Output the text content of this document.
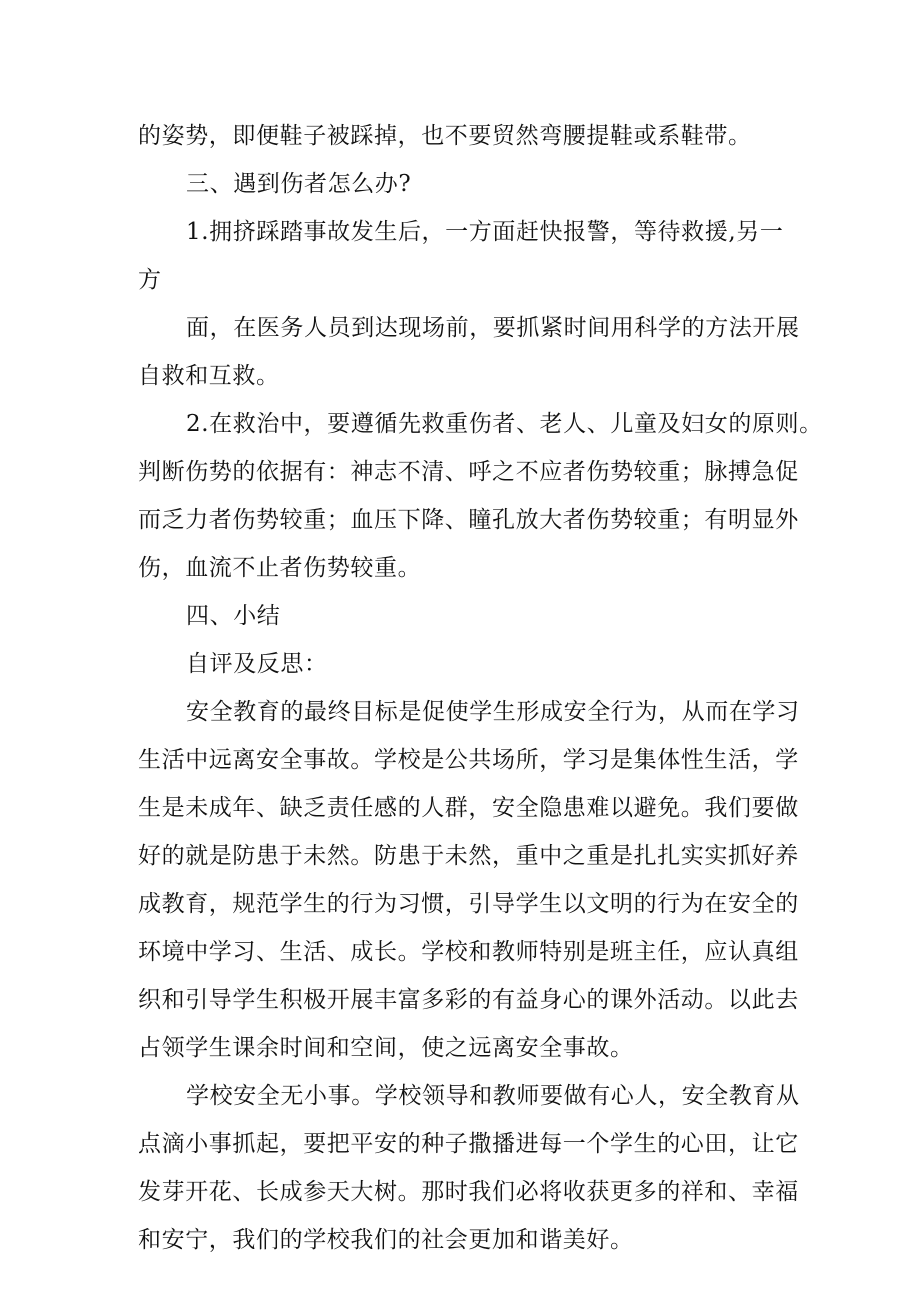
的姿势，即便鞋子被踩掉，也不要贸然弯腰提鞋或系鞋带。
三、遇到伤者怎么办?
1.拥挤踩踏事故发生后，一方面赶快报警，等待救援,另一
方
面，在医务人员到达现场前，要抓紧时间用科学的方法开展
自救和互救。
2.在救治中，要遵循先救重伤者、老人、儿童及妇女的原则。
判断伤势的依据有：神志不清、呼之不应者伤势较重；脉搏急促
而乏力者伤势较重；血压下降、瞳孔放大者伤势较重；有明显外
伤，血流不止者伤势较重。
四、小结
自评及反思：
安全教育的最终目标是促使学生形成安全行为，从而在学习
生活中远离安全事故。学校是公共场所，学习是集体性生活，学
生是未成年、缺乏责任感的人群，安全隐患难以避免。我们要做
好的就是防患于未然。防患于未然，重中之重是扎扎实实抓好养
成教育，规范学生的行为习惯，引导学生以文明的行为在安全的
环境中学习、生活、成长。学校和教师特别是班主任，应认真组
织和引导学生积极开展丰富多彩的有益身心的课外活动。以此去
占领学生课余时间和空间，使之远离安全事故。
学校安全无小事。学校领导和教师要做有心人，安全教育从
点滴小事抓起，要把平安的种子撒播进每一个学生的心田，让它
发芽开花、长成参天大树。那时我们必将收获更多的祥和、幸福
和安宁，我们的学校我们的社会更加和谐美好。
